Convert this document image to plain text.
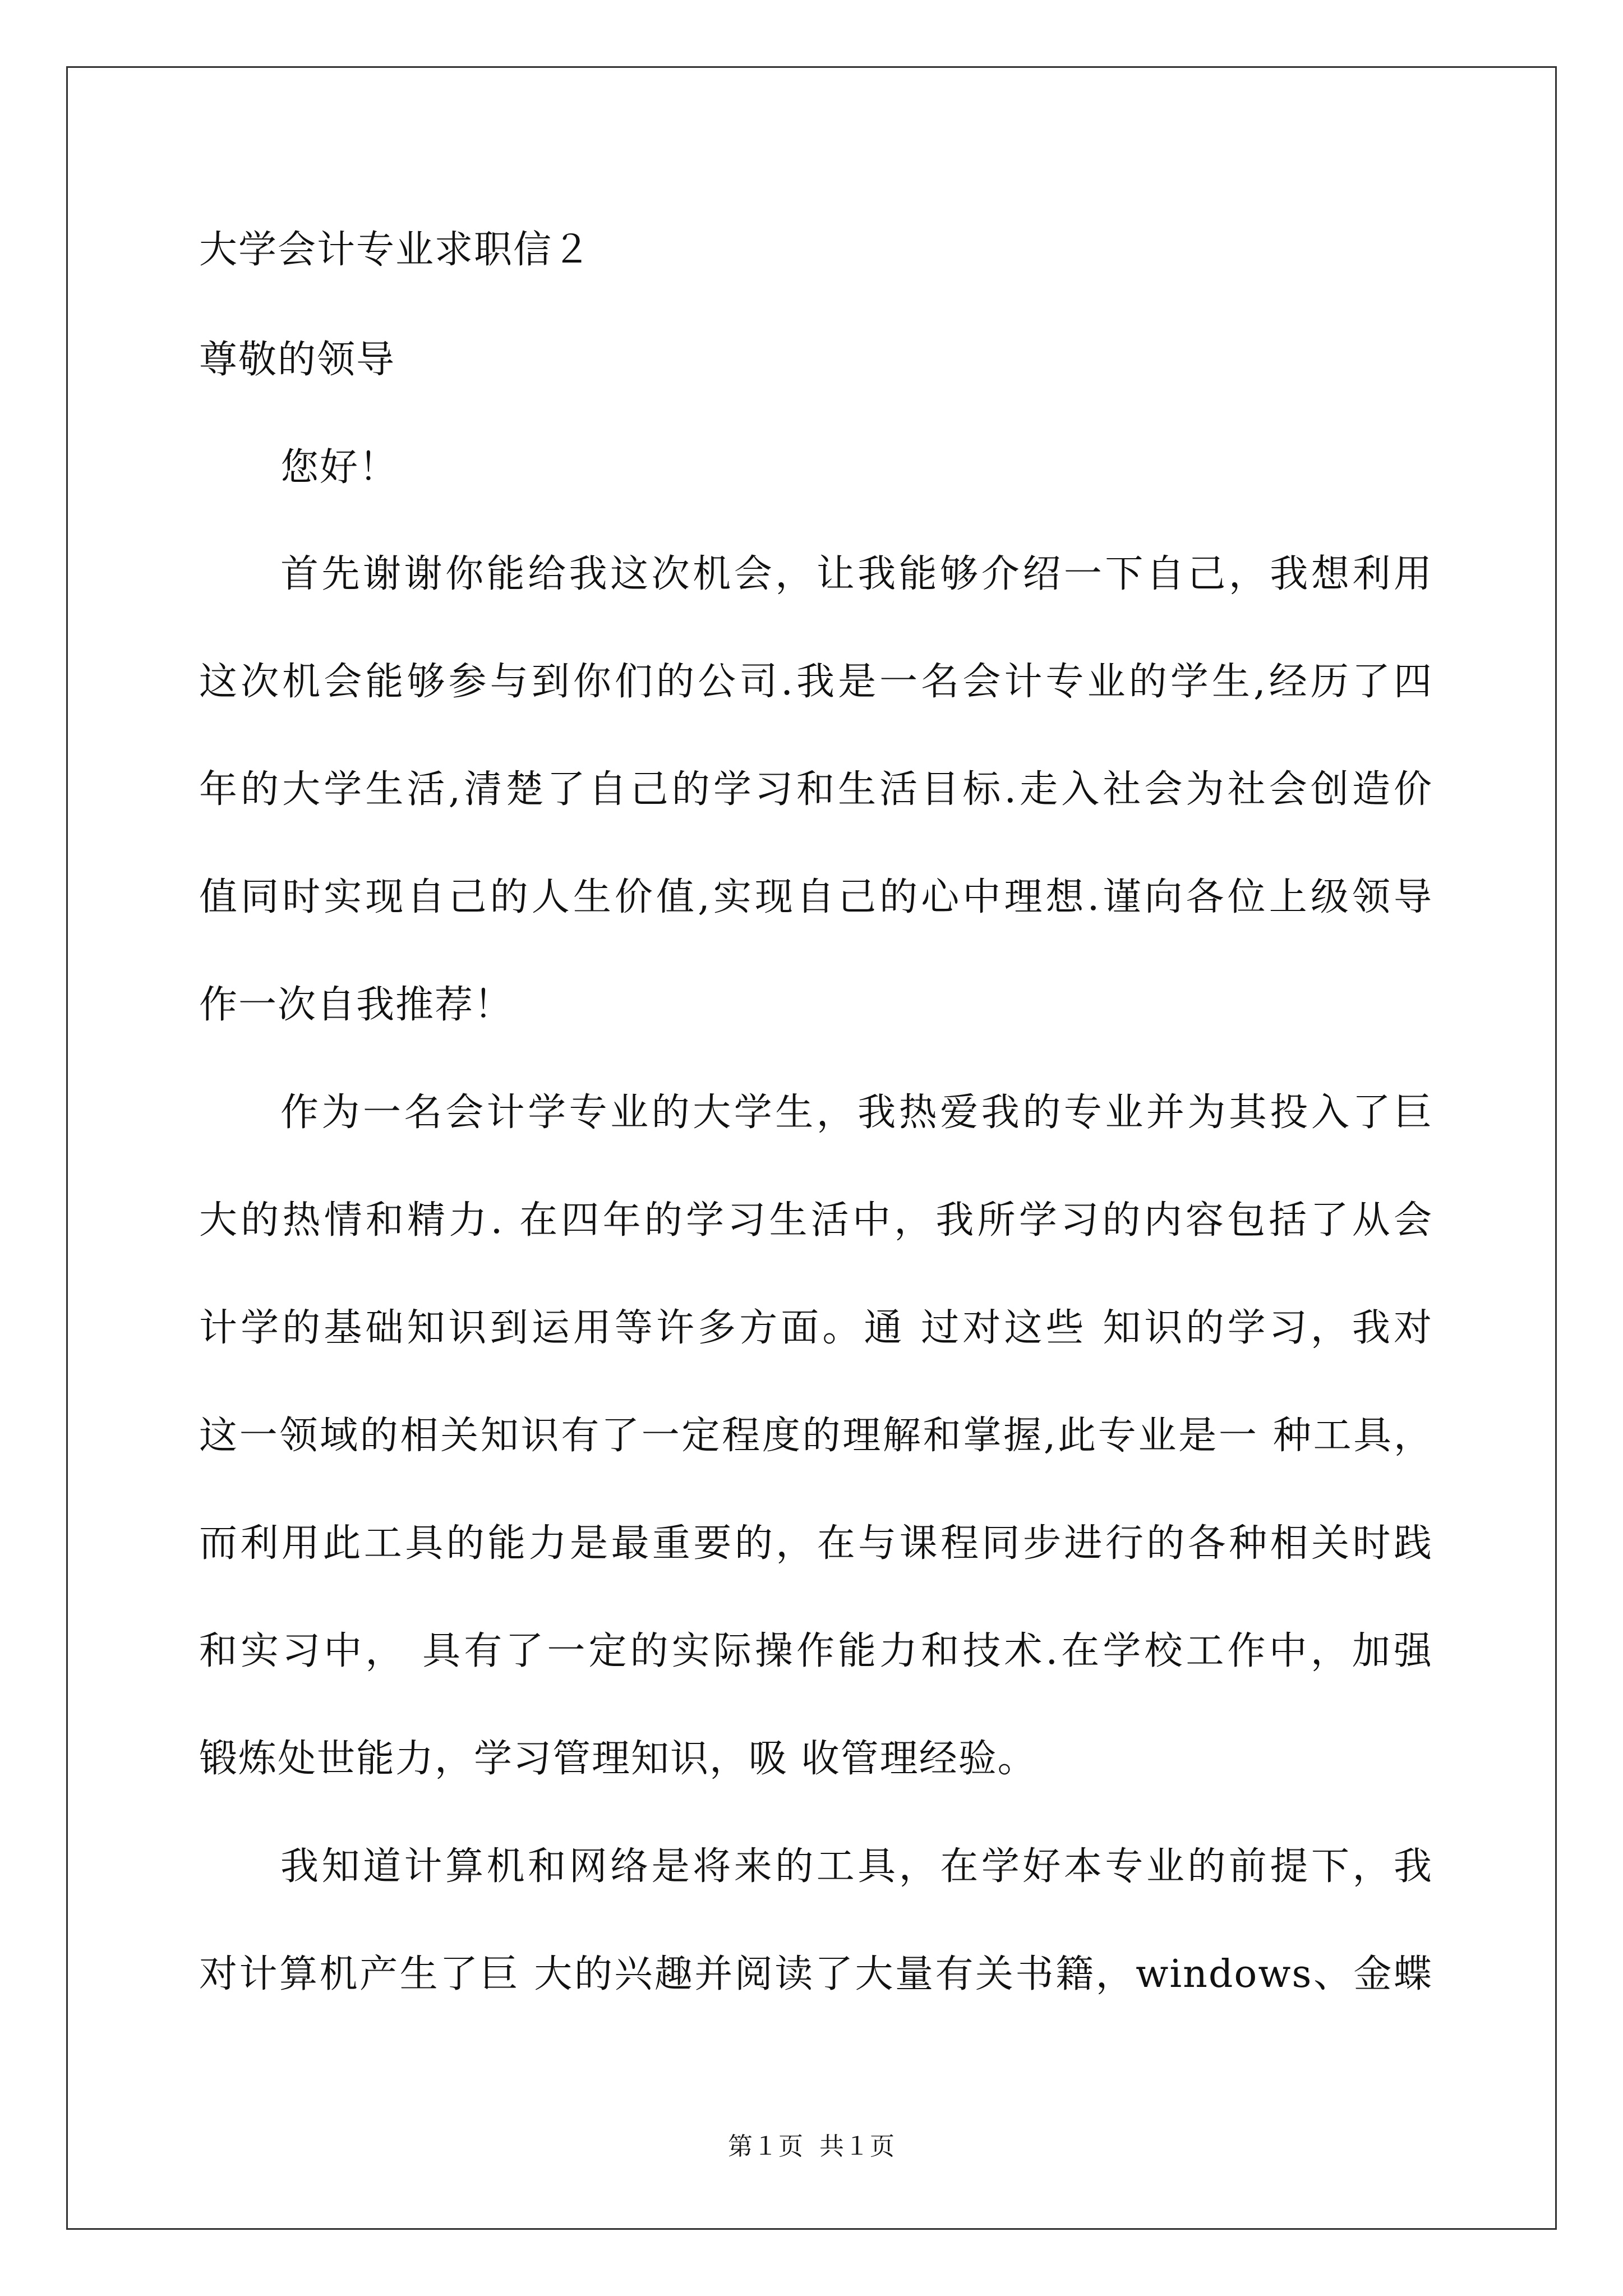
大学会计专业求职信２
尊敬的领导
您好！
首先谢谢你能给我这次机会，让我能够介绍一下自己，我想利用
这次机会能够参与到你们的公司.我是一名会计专业的学生,经历了四
年的大学生活,清楚了自己的学习和生活目标.走入社会为社会创造价
值同时实现自己的人生价值,实现自己的心中理想.谨向各位上级领导
作一次自我推荐！
作为一名会计学专业的大学生，我热爱我的专业并为其投入了巨
大的热情和精力. 在四年的学习生活中，我所学习的内容包括了从会
计学的基础知识到运用等许多方面。通 过对这些 知识的学习，我对
这一领域的相关知识有了一定程度的理解和掌握,此专业是一 种工具，
而利用此工具的能力是最重要的，在与课程同步进行的各种相关时践
和实习中， 具有了一定的实际操作能力和技术.在学校工作中，加强
锻炼处世能力，学习管理知识，吸 收管理经验。
我知道计算机和网络是将来的工具，在学好本专业的前提下，我
对计算机产生了巨 大的兴趣并阅读了大量有关书籍，windows、金蝶
第１页 共１页
